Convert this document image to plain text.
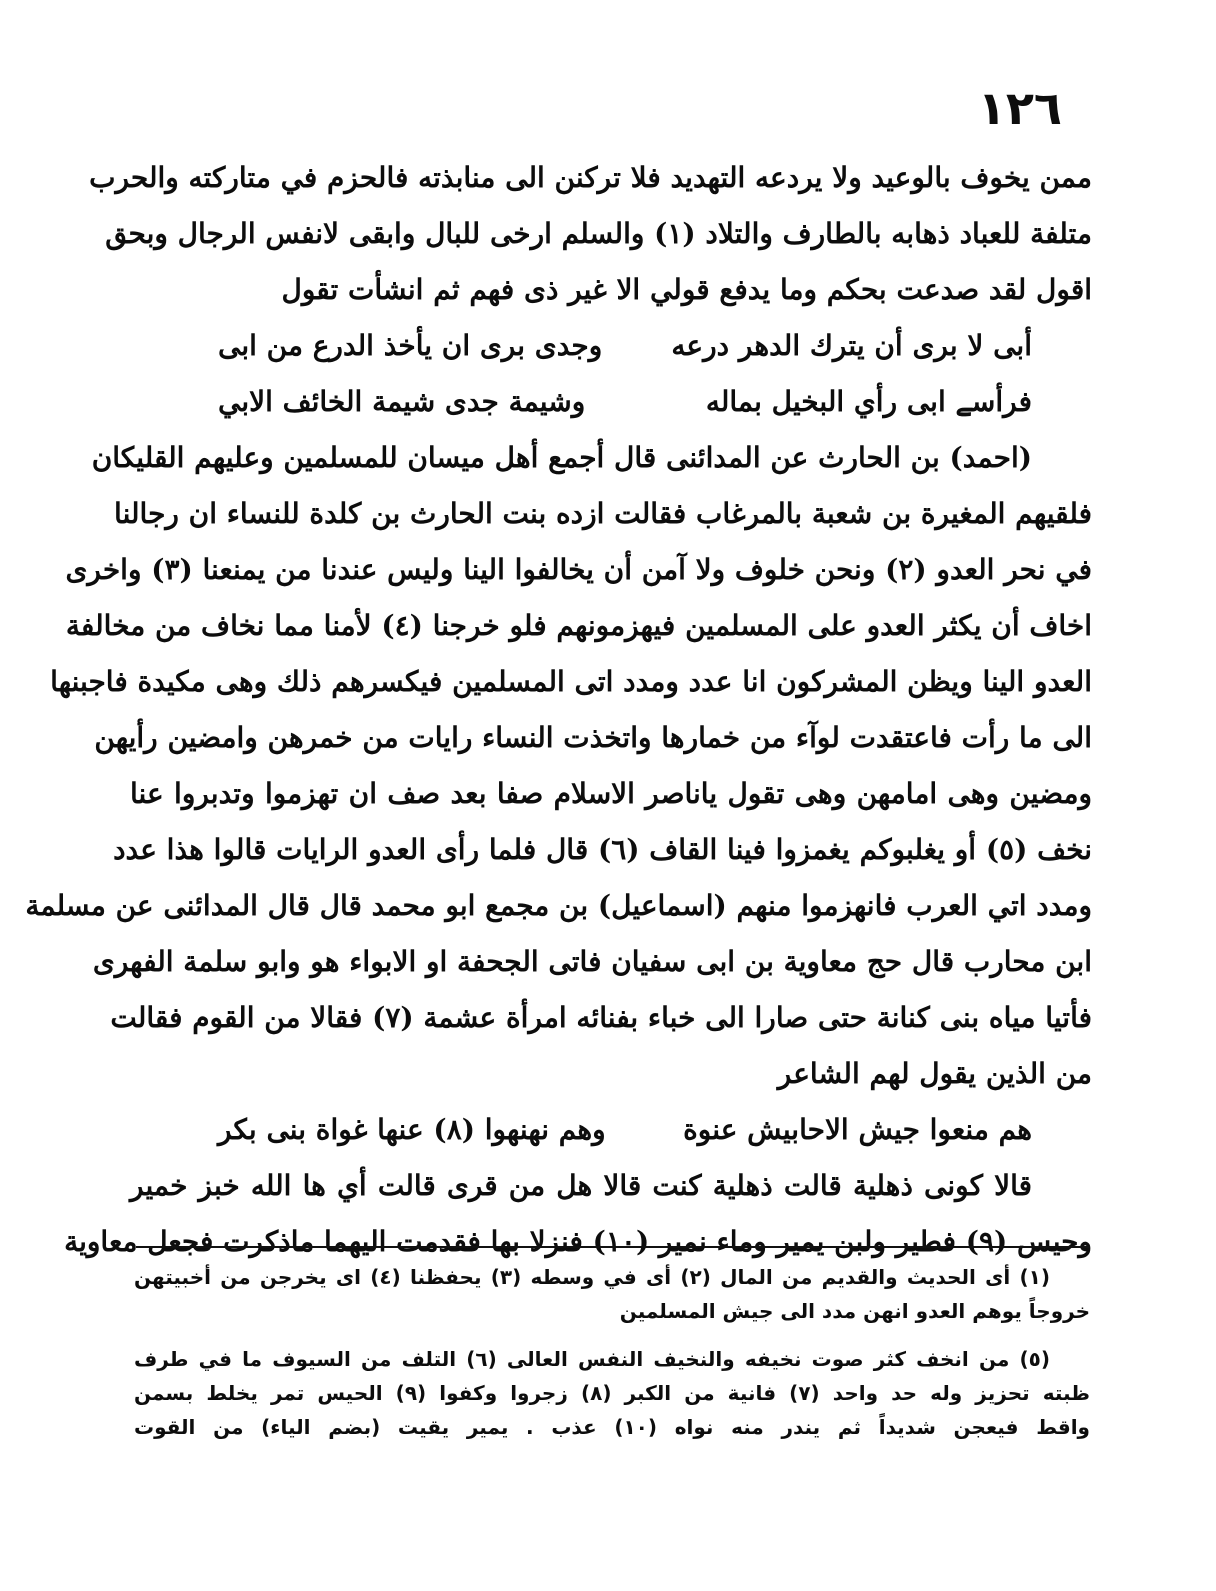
١٢٦
ممن يخوف بالوعيد ولا يردعه التهديد فلا تركنن الى منابذته فالحزم في متاركته والحرب
متلفة للعباد ذهابه بالطارف والتلاد (١) والسلم ارخى للبال وابقى لانفس الرجال وبحق
اقول لقد صدعت بحكم وما يدفع قولي الا غير ذى فهم ثم انشأت تقول
أبى لا برى أن يترك الدهر درعه
وجدى برى ان يأخذ الدرع من ابى
فرأسے ابى رأي البخيل بماله
وشيمة جدى شيمة الخائف الابي
(احمد) بن الحارث عن المدائنى قال أجمع أهل ميسان للمسلمين وعليهم القليكان
فلقيهم المغيرة بن شعبة بالمرغاب فقالت ازده بنت الحارث بن كلدة للنساء ان رجالنا
في نحر العدو (٢) ونحن خلوف ولا آمن أن يخالفوا الينا وليس عندنا من يمنعنا (٣) واخرى
اخاف أن يكثر العدو على المسلمين فيهزمونهم فلو خرجنا (٤) لأمنا مما نخاف من مخالفة
العدو الينا ويظن المشركون انا عدد ومدد اتى المسلمين فيكسرهم ذلك وهى مكيدة فاجبنها
الى ما رأت فاعتقدت لوآء من خمارها واتخذت النساء رايات من خمرهن وامضين رأيهن
ومضين وهى امامهن وهى تقول ياناصر الاسلام صفا بعد صف ان تهزموا وتدبروا عنا
نخف (٥) أو يغلبوكم يغمزوا فينا القاف (٦) قال فلما رأى العدو الرايات قالوا هذا عدد
ومدد اتي العرب فانهزموا منهم (اسماعيل) بن مجمع ابو محمد قال قال المدائنى عن مسلمة
ابن محارب قال حج معاوية بن ابى سفيان فاتى الجحفة او الابواء هو وابو سلمة الفهرى
فأتيا مياه بنى كنانة حتى صارا الى خباء بفنائه امرأة عشمة (٧) فقالا من القوم فقالت
من الذين يقول لهم الشاعر
هم منعوا جيش الاحابيش عنوة
وهم نهنهوا (٨) عنها غواة بنى بكر
قالا كونى ذهلية قالت ذهلية كنت قالا هل من قرى قالت أي ها الله خبز خمير
وحيس (٩) فطير ولبن يمير وماء نمير (١٠) فنزلا بها فقدمت اليهما ماذكرت فجعل معاوية
(١) أى الحديث والقديم من المال (٢) أى في وسطه (٣) يحفظنا (٤) اى يخرجن من أخبيتهن
خروجاً يوهم العدو انهن مدد الى جيش المسلمين
(٥) من انخف كثر صوت نخيفه والنخيف النفس العالى (٦) التلف من السيوف ما في طرف
ظبته تحزيز وله حد واحد (٧) فانية من الكبر (٨) زجروا وكفوا (٩) الحيس تمر يخلط بسمن
واقط فيعجن شديداً ثم يندر منه نواه (١٠) عذب . يمير يقيت (بضم الياء) من القوت
